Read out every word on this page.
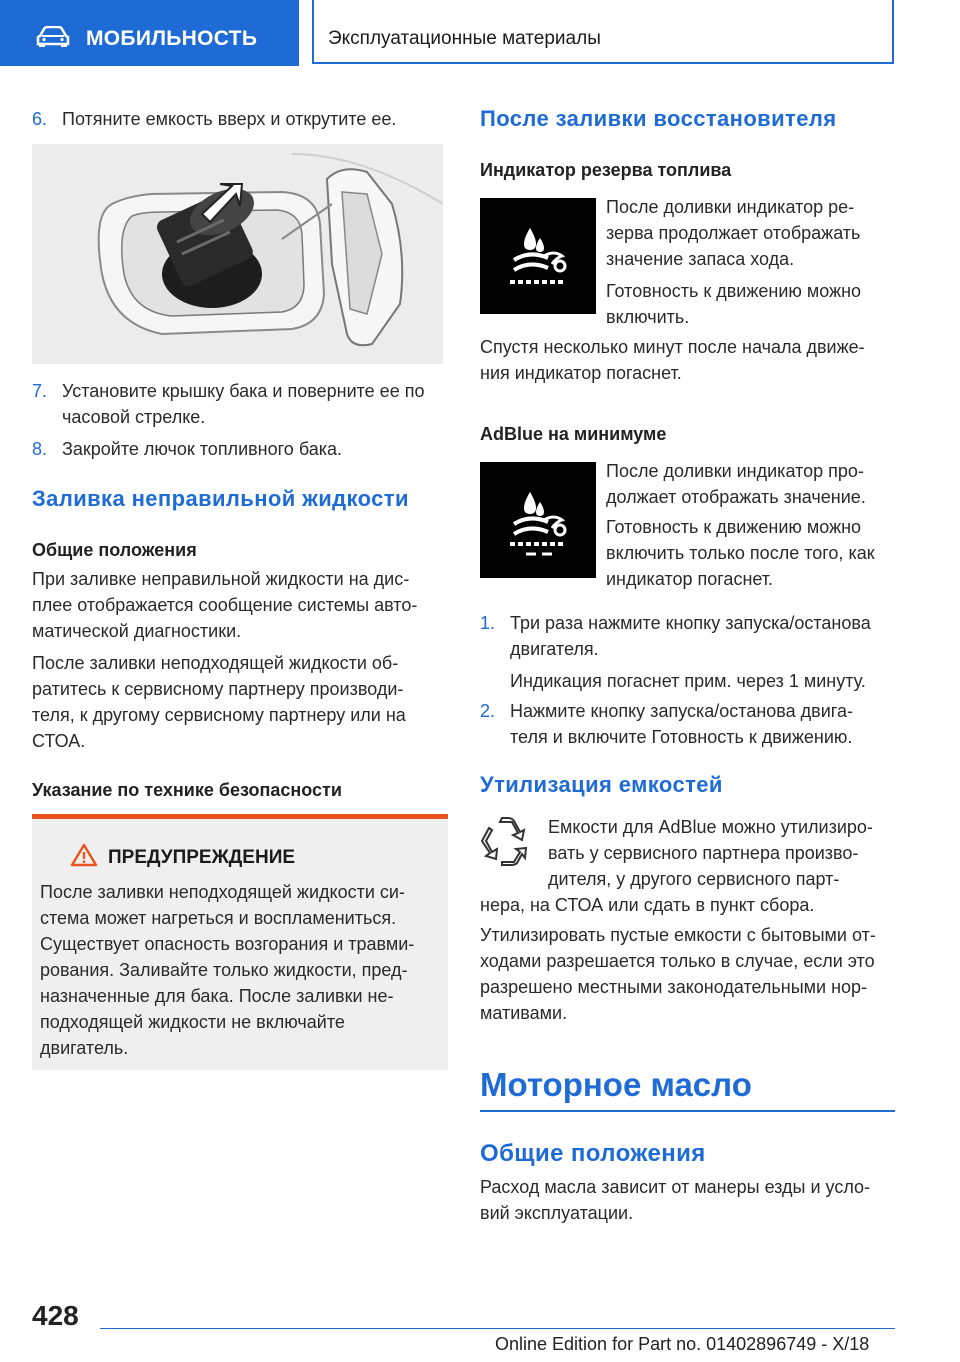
МОБИЛЬНОСТЬ	Эксплуатационные материалы
6. Потяните емкость вверх и открутите ее.
7. Установите крышку бака и поверните ее по
часовой стрелке.
8. Закройте лючок топливного бака.
Заливка неправильной жидкости
Общие положения
При заливке неправильной жидкости на дис-
плее отображается сообщение системы авто-
матической диагностики.
После заливки неподходящей жидкости об-
ратитесь к сервисному партнеру производи-
теля, к другому сервисному партнеру или на
СТОА.
Указание по технике безопасности
ПРЕДУПРЕЖДЕНИЕ
После заливки неподходящей жидкости си-
стема может нагреться и воспламениться.
Существует опасность возгорания и травми-
рования. Заливайте только жидкости, пред-
назначенные для бака. После заливки не-
подходящей жидкости не включайте
двигатель.
После заливки восстановителя
Индикатор резерва топлива
После доливки индикатор ре-
зерва продолжает отображать
значение запаса хода.
Готовность к движению можно
включить.
Спустя несколько минут после начала движе-
ния индикатор погаснет.
AdBlue на минимуме
После доливки индикатор про-
должает отображать значение.
Готовность к движению можно
включить только после того, как
индикатор погаснет.
1. Три раза нажмите кнопку запуска/останова
двигателя.
Индикация погаснет прим. через 1 минуту.
2. Нажмите кнопку запуска/останова двига-
теля и включите Готовность к движению.
Утилизация емкостей
Емкости для AdBlue можно утилизиро-
вать у сервисного партнера произво-
дителя, у другого сервисного парт-
нера, на СТОА или сдать в пункт сбора.
Утилизировать пустые емкости с бытовыми от-
ходами разрешается только в случае, если это
разрешено местными законодательными нор-
мативами.
Моторное масло
Общие положения
Расход масла зависит от манеры езды и усло-
вий эксплуатации.
428
Online Edition for Part no. 01402896749 - X/18
